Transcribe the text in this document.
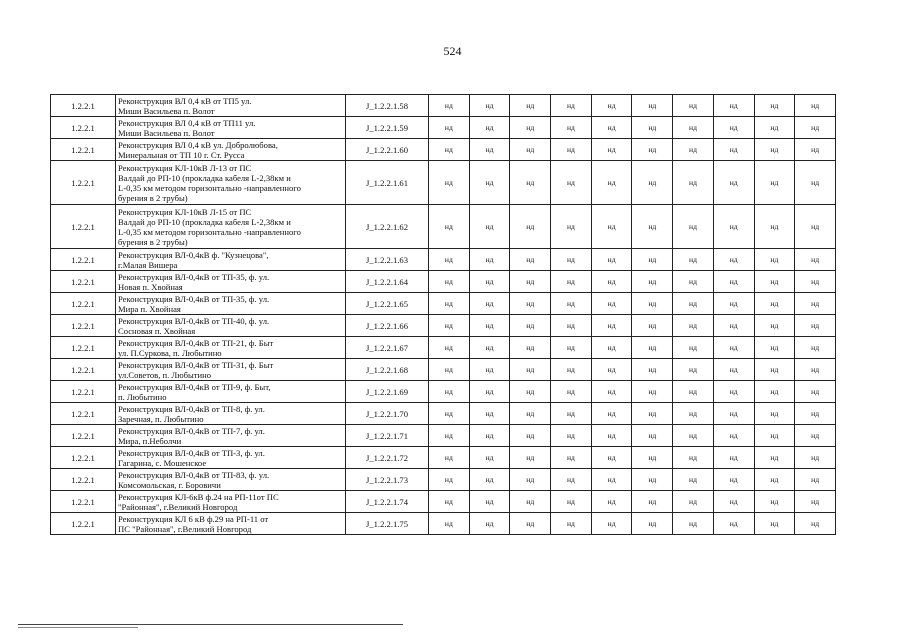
524
1.2.2.1	Реконструкция ВЛ 0,4 кВ от ТП5 ул.
Миши Васильева п. Волот	J_1.2.2.1.58	нд	нд	нд	нд	нд	нд	нд	нд	нд	нд
1.2.2.1	Реконструкция ВЛ 0,4 кВ от ТП11 ул.
Миши Васильева п. Волот	J_1.2.2.1.59	нд	нд	нд	нд	нд	нд	нд	нд	нд	нд
1.2.2.1	Реконструкция ВЛ 0,4 кВ ул. Добролюбова,
Минеральная от ТП 10 г. Ст. Русса	J_1.2.2.1.60	нд	нд	нд	нд	нд	нд	нд	нд	нд	нд
1.2.2.1	Реконструкция КЛ-10кВ Л-13 от ПС
Валдай до РП-10 (прокладка кабеля L-2,38км и
L-0,35 км методом горизонтально -направленного
бурения в 2 трубы)	J_1.2.2.1.61	нд	нд	нд	нд	нд	нд	нд	нд	нд	нд
1.2.2.1	Реконструкция КЛ-10кВ Л-15 от ПС
Валдай до РП-10 (прокладка кабеля L-2,38км и
L-0,35 км методом горизонтально -направленного
бурения в 2 трубы)	J_1.2.2.1.62	нд	нд	нд	нд	нд	нд	нд	нд	нд	нд
1.2.2.1	Реконструкция ВЛ-0,4кВ ф. "Кузнецова",
г.Малая Вишера	J_1.2.2.1.63	нд	нд	нд	нд	нд	нд	нд	нд	нд	нд
1.2.2.1	Реконструкция ВЛ-0,4кВ от ТП-35, ф. ул.
Новая п. Хвойная	J_1.2.2.1.64	нд	нд	нд	нд	нд	нд	нд	нд	нд	нд
1.2.2.1	Реконструкция ВЛ-0,4кВ от ТП-35, ф. ул.
Мира п. Хвойная	J_1.2.2.1.65	нд	нд	нд	нд	нд	нд	нд	нд	нд	нд
1.2.2.1	Реконструкция ВЛ-0,4кВ от ТП-40, ф. ул.
Сосновая п. Хвойная	J_1.2.2.1.66	нд	нд	нд	нд	нд	нд	нд	нд	нд	нд
1.2.2.1	Реконструкция ВЛ-0,4кВ от ТП-21, ф. Быт
ул. П.Суркова, п. Любытино	J_1.2.2.1.67	нд	нд	нд	нд	нд	нд	нд	нд	нд	нд
1.2.2.1	Реконструкция ВЛ-0,4кВ от ТП-31, ф. Быт
ул.Советов, п. Любытино	J_1.2.2.1.68	нд	нд	нд	нд	нд	нд	нд	нд	нд	нд
1.2.2.1	Реконструкция ВЛ-0,4кВ от ТП-9, ф. Быт,
п. Любытино	J_1.2.2.1.69	нд	нд	нд	нд	нд	нд	нд	нд	нд	нд
1.2.2.1	Реконструкция ВЛ-0,4кВ от ТП-8, ф. ул.
Заречная, п. Любытино	J_1.2.2.1.70	нд	нд	нд	нд	нд	нд	нд	нд	нд	нд
1.2.2.1	Реконструкция ВЛ-0,4кВ от ТП-7, ф. ул.
Мира, п.Неболчи	J_1.2.2.1.71	нд	нд	нд	нд	нд	нд	нд	нд	нд	нд
1.2.2.1	Реконструкция ВЛ-0,4кВ от ТП-3, ф. ул.
Гагарина, с. Мошенское	J_1.2.2.1.72	нд	нд	нд	нд	нд	нд	нд	нд	нд	нд
1.2.2.1	Реконструкция ВЛ-0,4кВ от ТП-83, ф. ул.
Комсомольская, г. Боровичи	J_1.2.2.1.73	нд	нд	нд	нд	нд	нд	нд	нд	нд	нд
1.2.2.1	Реконструкция КЛ-6кВ ф.24 на РП-11от ПС
"Районная", г.Великий Новгород	J_1.2.2.1.74	нд	нд	нд	нд	нд	нд	нд	нд	нд	нд
1.2.2.1	Реконструкция КЛ 6 кВ ф.29 на РП-11 от
ПС "Районная", г.Великий Новгород	J_1.2.2.1.75	нд	нд	нд	нд	нд	нд	нд	нд	нд	нд
